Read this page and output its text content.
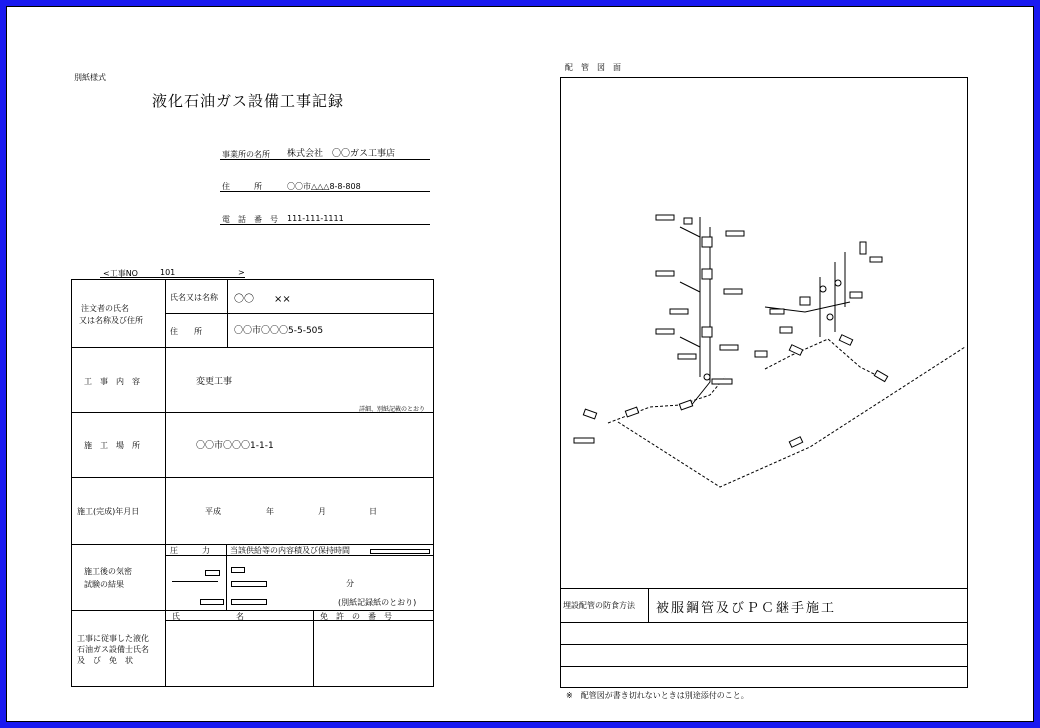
別紙様式
液化石油ガス設備工事記録
事業所の名所 株式会社　〇〇ガス工事店
住　　　所	〇〇市△△△8-8-808
電　話　番　号 111-111-1111
<工事NO	101	>
注文者の氏名
又は名称及び住所
氏名又は名称 〇〇　　××
住　　所	〇〇市〇〇〇5-5-505
工　事　内　容	変更工事
詳細、別紙記載のとおり
施　工　場　所	〇〇市〇〇〇1-1-1
施工(完成)年月日	平成	年	月	日
施工後の気密
試験の結果
圧　　　力	当該供給等の内容積及び保持時間
分
(別紙記録紙のとおり)
工事に従事した液化
石油ガス設備士氏名
及　び　免　状
氏　　　　　　　名	免　許　の　番　号
配　管　図　面
埋設配管の防食方法 被服鋼管及びＰＣ継手施工
※　配管図が書き切れないときは別途添付のこと。
